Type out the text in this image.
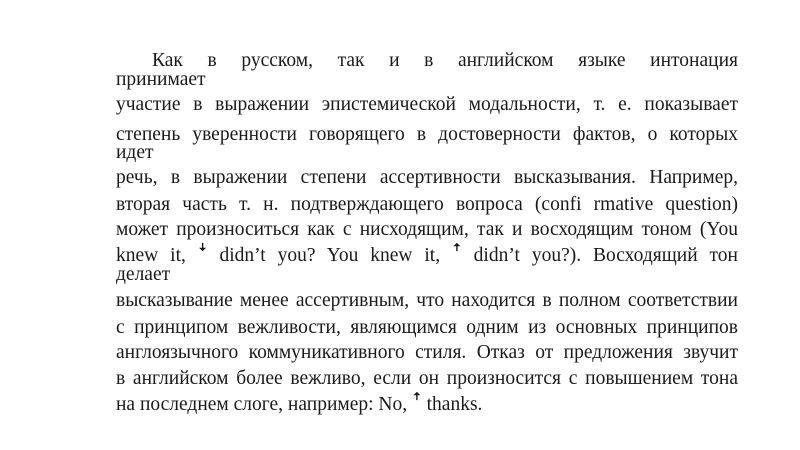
Как в русском, так и в английском языке интонация
принимает
участие в выражении эпистемической модальности, т. е. показывает
степень уверенности говорящего в достоверности фактов, о которых
идет
речь, в выражении степени ассертивности высказывания. Например,
вторая часть т. н. подтверждающего вопроса (confi rmative question)
может произноситься как с нисходящим, так и восходящим тоном (You
knew it, ꜜ didn’t you? You knew it, ꜛ didn’t you?). Восходящий тон
делает
высказывание менее ассертивным, что находится в полном соответствии
с принципом вежливости, являющимся одним из основных принципов
англоязычного коммуникативного стиля. Отказ от предложения звучит
в английском более вежливо, если он произносится с повышением тона
на последнем слоге, например: No, ꜛ thanks.
